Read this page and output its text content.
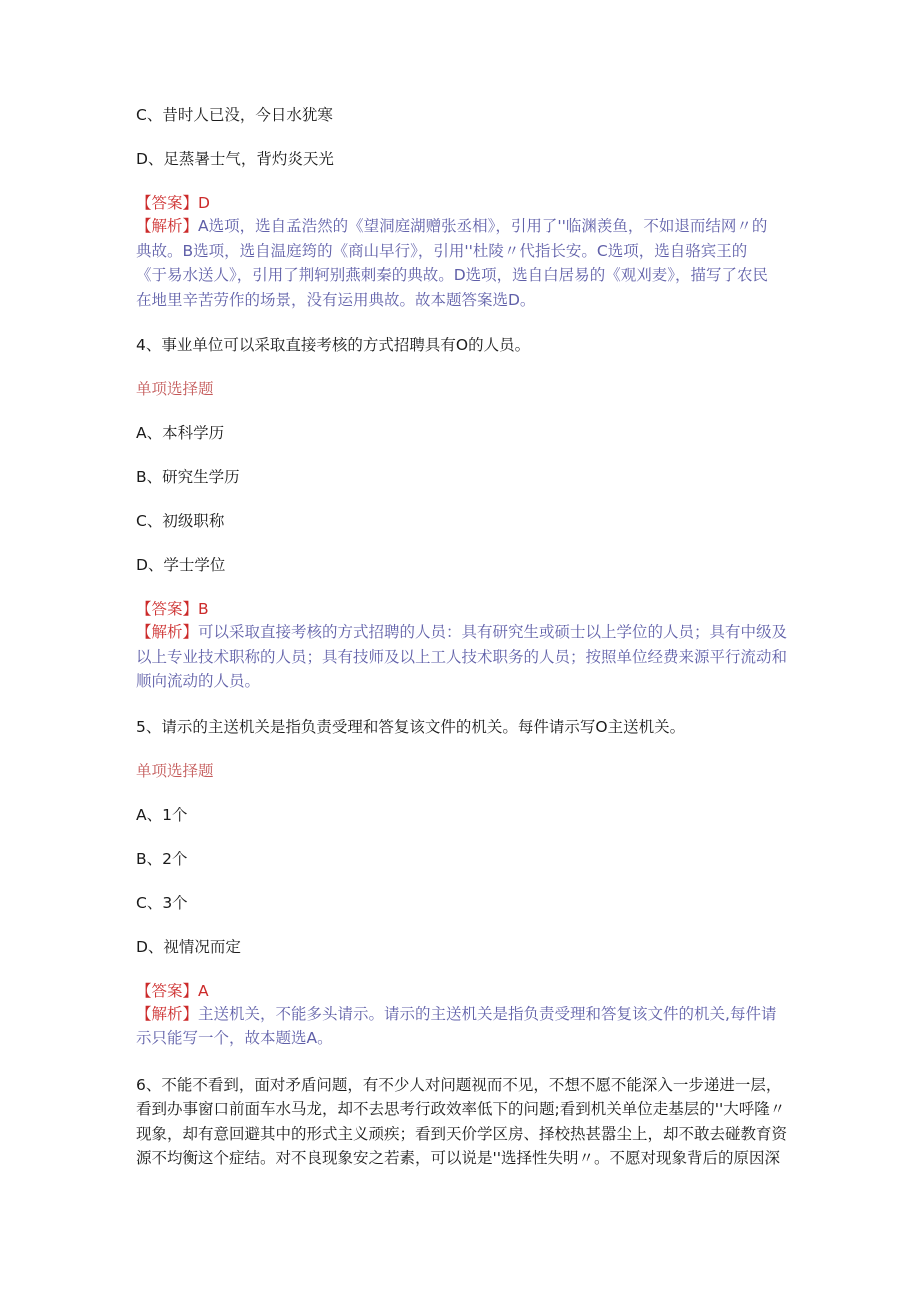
C、昔时人已没，今日水犹寒
D、足蒸暑士气，背灼炎天光
【答案】D
【解析】A选项，选自孟浩然的《望洞庭湖赠张丞相》，引用了''临渊羡鱼，不如退而结网〃的
典故。B选项，选自温庭筠的《商山早行》，引用''杜陵〃代指长安。C选项，选自骆宾王的
《于易水送人》，引用了荆轲别燕刺秦的典故。D选项，选自白居易的《观刈麦》，描写了农民
在地里辛苦劳作的场景，没有运用典故。故本题答案选D。
4、事业单位可以采取直接考核的方式招聘具有O的人员。
单项选择题
A、本科学历
B、研究生学历
C、初级职称
D、学士学位
【答案】B
【解析】可以采取直接考核的方式招聘的人员：具有研究生或硕士以上学位的人员；具有中级及
以上专业技术职称的人员；具有技师及以上工人技术职务的人员；按照单位经费来源平行流动和
顺向流动的人员。
5、请示的主送机关是指负责受理和答复该文件的机关。每件请示写O主送机关。
单项选择题
A、1个
B、2个
C、3个
D、视情况而定
【答案】A
【解析】主送机关，不能多头请示。请示的主送机关是指负责受理和答复该文件的机关,每件请
示只能写一个，故本题选A。
6、不能不看到，面对矛盾问题，有不少人对问题视而不见，不想不愿不能深入一步递进一层，
看到办事窗口前面车水马龙，却不去思考行政效率低下的问题;看到机关单位走基层的''大呼隆〃
现象，却有意回避其中的形式主义顽疾；看到天价学区房、择校热甚嚣尘上，却不敢去碰教育资
源不均衡这个症结。对不良现象安之若素，可以说是''选择性失明〃。不愿对现象背后的原因深
